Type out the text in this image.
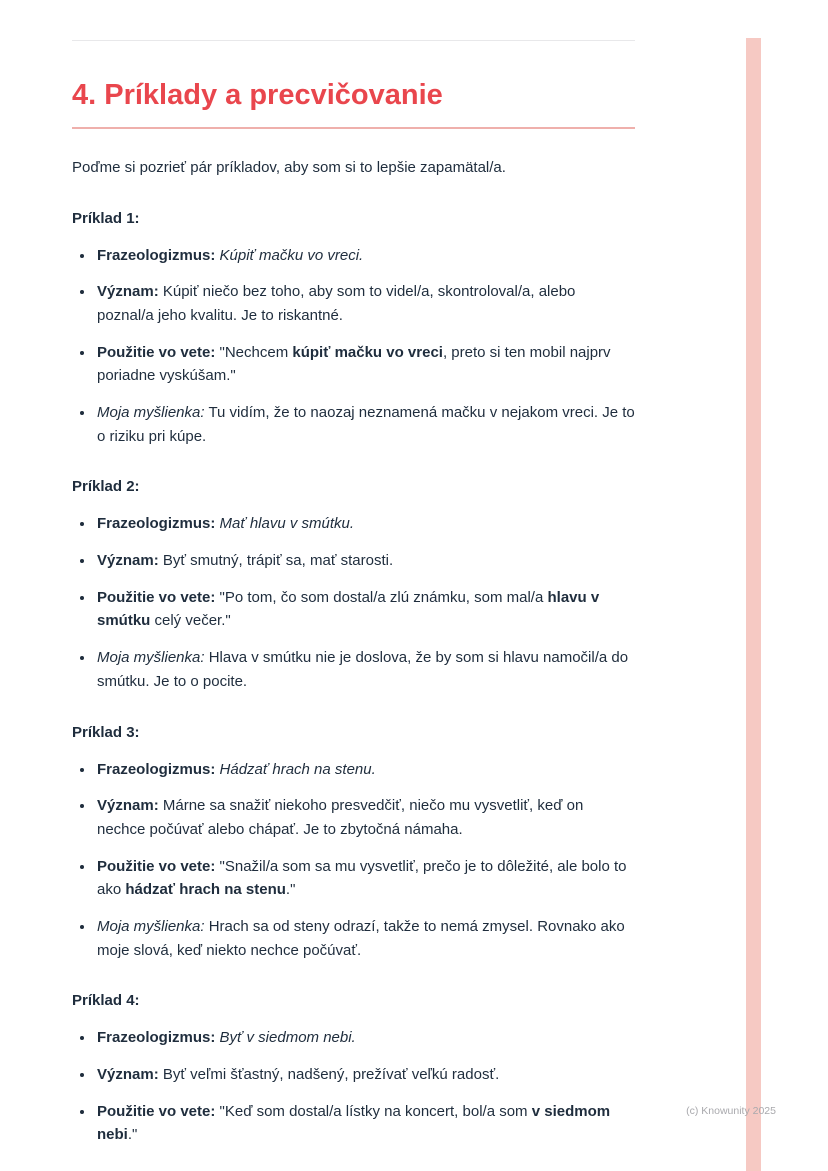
4. Príklady a precvičovanie

Poďme si pozrieť pár príkladov, aby som si to lepšie zapamätal/a.

Príklad 1:
• Frazeologizmus: Kúpiť mačku vo vreci.
• Význam: Kúpiť niečo bez toho, aby som to videl/a, skontroloval/a, alebo poznal/a jeho kvalitu. Je to riskantné.
• Použitie vo vete: "Nechcem kúpiť mačku vo vreci, preto si ten mobil najprv poriadne vyskúšam."
• Moja myšlienka: Tu vidím, že to naozaj neznamená mačku v nejakom vreci. Je to o riziku pri kúpe.
Príklad 2:
• Frazeologizmus: Mať hlavu v smútku.
• Význam: Byť smutný, trápiť sa, mať starosti.
• Použitie vo vete: "Po tom, čo som dostal/a zlú známku, som mal/a hlavu v smútku celý večer."
• Moja myšlienka: Hlava v smútku nie je doslova, že by som si hlavu namočil/a do smútku. Je to o pocite.
Príklad 3:
• Frazeologizmus: Hádzať hrach na stenu.
• Význam: Márne sa snažiť niekoho presvedčiť, niečo mu vysvetliť, keď on nechce počúvať alebo chápať. Je to zbytočná námaha.
• Použitie vo vete: "Snažil/a som sa mu vysvetliť, prečo je to dôležité, ale bolo to ako hádzať hrach na stenu."
• Moja myšlienka: Hrach sa od steny odrazí, takže to nemá zmysel. Rovnako ako moje slová, keď niekto nechce počúvať.
Príklad 4:
• Frazeologizmus: Byť v siedmom nebi.
• Význam: Byť veľmi šťastný, nadšený, prežívať veľkú radosť.
• Použitie vo vete: "Keď som dostal/a lístky na koncert, bol/a som v siedmom nebi."
(c) Knowunity 2025
